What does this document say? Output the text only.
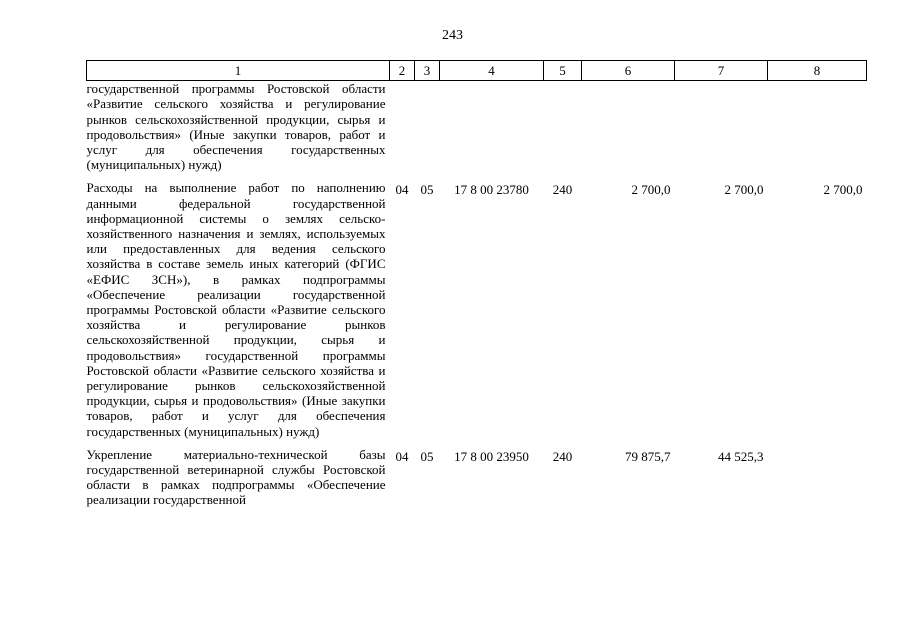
243
1	2	3	4	5	6	7	8
государственной программы Ростовской области «Развитие сельского хозяйства и регулирование рынков сельскохозяйственной продукции, сырья и продовольствия» (Иные закупки товаров, работ и услуг для обеспечения государственных (муниципальных) нужд)							

Расходы на выполнение работ по наполнению данными федеральной государственной информационной системы о землях сельскохозяйственного назначения и землях, используемых или предоставленных для ведения сельского хозяйства в составе земель иных категорий (ФГИС «ЕФИС ЗСН»), в рамках подпрограммы «Обеспечение реализации государственной программы Ростовской области «Развитие сельского хозяйства и регулирование рынков сельскохозяйственной продукции, сырья и продовольствия» государственной программы Ростовской области «Развитие сельского хозяйства и регулирование рынков сельскохозяйственной продукции, сырья и продовольствия» (Иные закупки товаров, работ и услуг для обеспечения государственных (муниципальных) нужд)	04	05	17 8 00 23780	240	2 700,0	2 700,0	2 700,0

Укрепление материально-технической базы государственной ветеринарной службы Ростовской области в рамках подпрограммы «Обеспечение реализации государственной	04	05	17 8 00 23950	240	79 875,7	44 525,3	
